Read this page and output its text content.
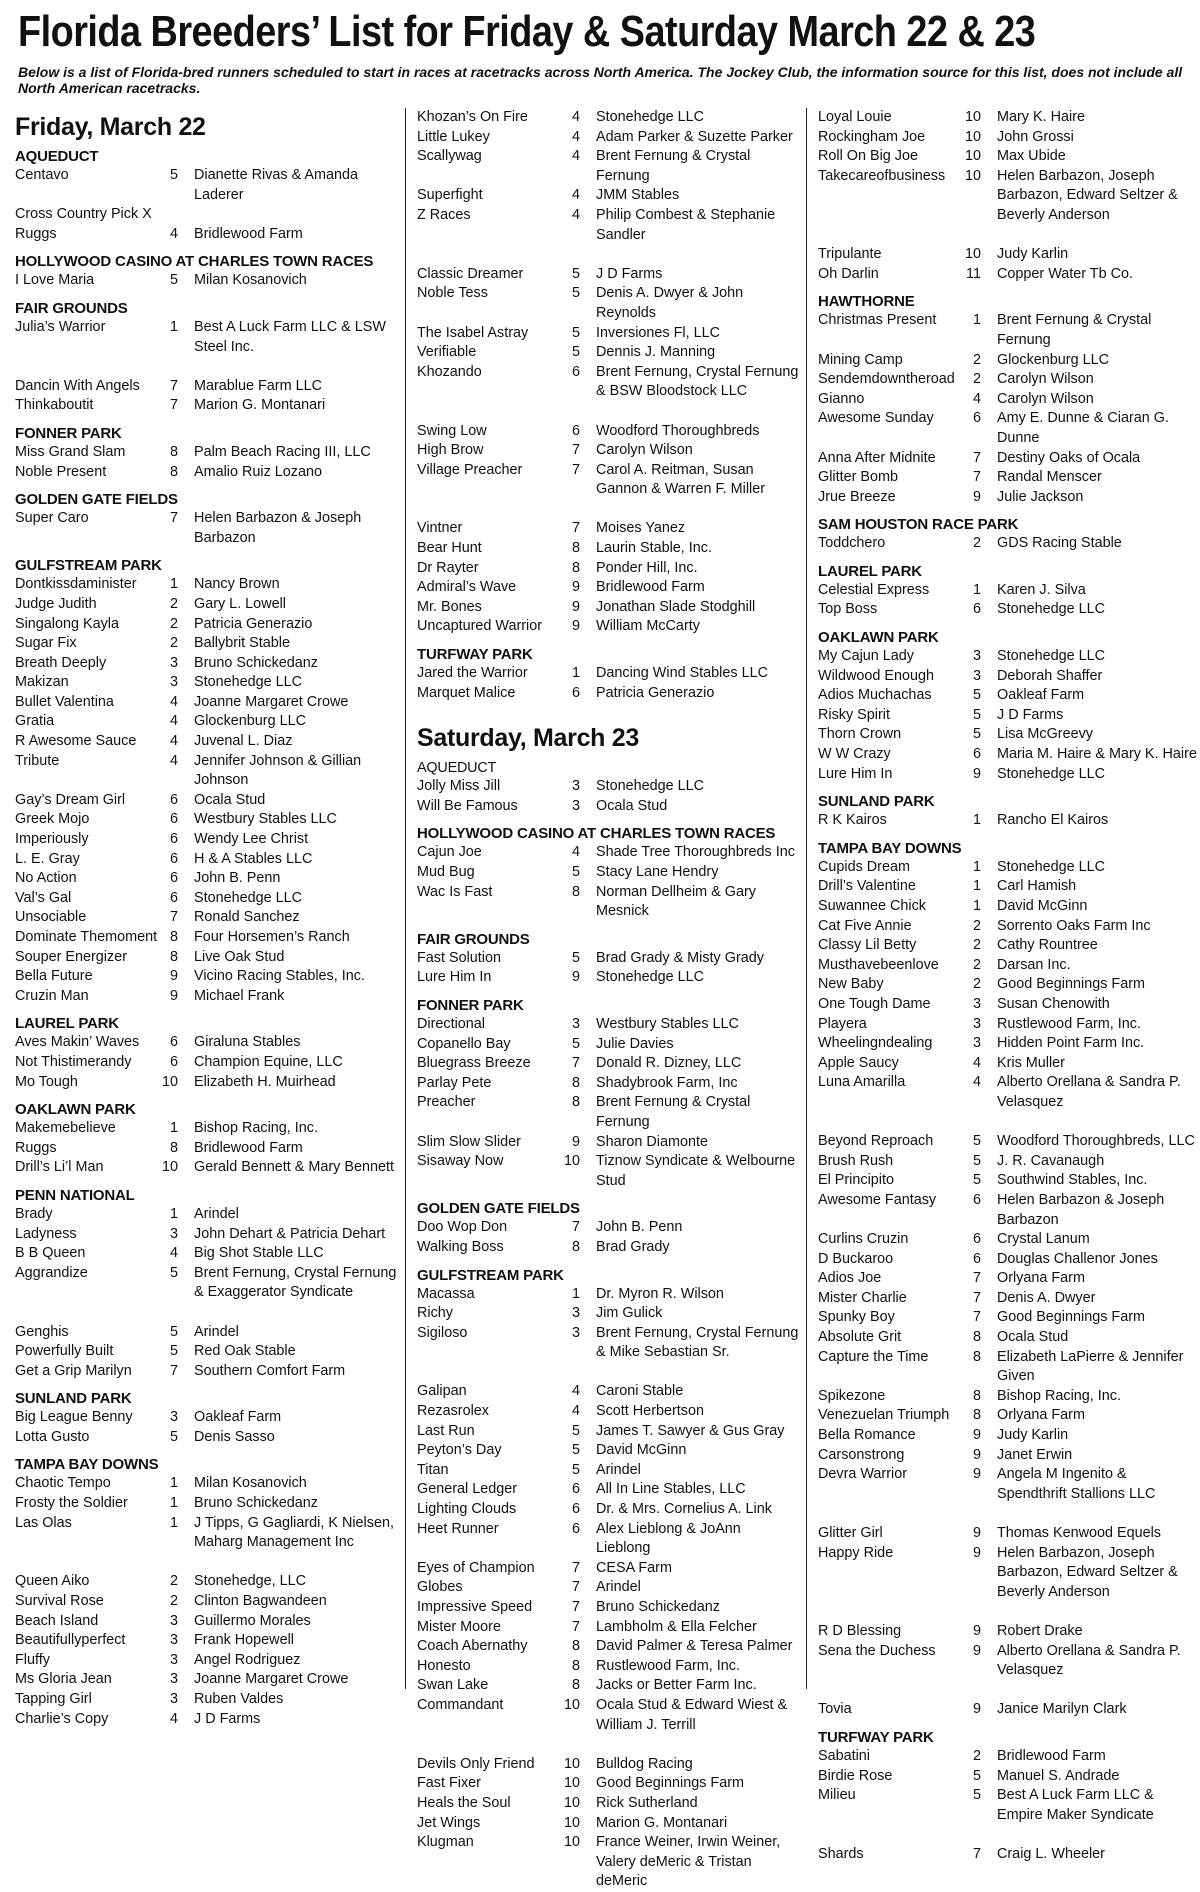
Florida Breeders’ List for Friday & Saturday March 22 & 23
Below is a list of Florida-bred runners scheduled to start in races at racetracks across North America. The Jockey Club, the information source for this list, does not include all North American racetracks.
Friday, March 22
AQUEDUCT
Centavo	5	Dianette Rivas & Amanda Laderer
Cross Country Pick X
Ruggs	4	Bridlewood Farm
HOLLYWOOD CASINO AT CHARLES TOWN RACES
I Love Maria	5	Milan Kosanovich
FAIR GROUNDS
Julia’s Warrior	1	Best A Luck Farm LLC & LSW Steel Inc.
Dancin With Angels	7	Marablue Farm LLC
Thinkaboutit	7	Marion G. Montanari
FONNER PARK
Miss Grand Slam	8	Palm Beach Racing III, LLC
Noble Present	8	Amalio Ruiz Lozano
GOLDEN GATE FIELDS
Super Caro	7	Helen Barbazon & Joseph Barbazon
GULFSTREAM PARK
Dontkissdaminister	1	Nancy Brown
Judge Judith	2	Gary L. Lowell
Singalong Kayla	2	Patricia Generazio
Sugar Fix	2	Ballybrit Stable
Breath Deeply	3	Bruno Schickedanz
Makizan	3	Stonehedge LLC
Bullet Valentina	4	Joanne Margaret Crowe
Gratia	4	Glockenburg LLC
R Awesome Sauce	4	Juvenal L. Diaz
Tribute	4	Jennifer Johnson & Gillian Johnson
Gay’s Dream Girl	6	Ocala Stud
Greek Mojo	6	Westbury Stables LLC
Imperiously	6	Wendy Lee Christ
L. E. Gray	6	H & A Stables LLC
No Action	6	John B. Penn
Val’s Gal	6	Stonehedge LLC
Unsociable	7	Ronald Sanchez
Dominate Themoment 8	Four Horsemen’s Ranch
Souper Energizer	8	Live Oak Stud
Bella Future	9	Vicino Racing Stables, Inc.
Cruzin Man	9	Michael Frank
LAUREL PARK
Aves Makin’ Waves	6	Giraluna Stables
Not Thistimerandy	6	Champion Equine, LLC
Mo Tough	10	Elizabeth H. Muirhead
OAKLAWN PARK
Makemebelieve	1	Bishop Racing, Inc.
Ruggs	8	Bridlewood Farm
Drill’s Li’l Man	10	Gerald Bennett & Mary Bennett
PENN NATIONAL
Brady	1	Arindel
Ladyness	3	John Dehart & Patricia Dehart
B B Queen	4	Big Shot Stable LLC
Aggrandize	5	Brent Fernung, Crystal Fernung & Exaggerator Syndicate
Genghis	5	Arindel
Powerfully Built	5	Red Oak Stable
Get a Grip Marilyn	7	Southern Comfort Farm
SUNLAND PARK
Big League Benny	3	Oakleaf Farm
Lotta Gusto	5	Denis Sasso
TAMPA BAY DOWNS
Chaotic Tempo	1	Milan Kosanovich
Frosty the Soldier	1	Bruno Schickedanz
Las Olas	1	J Tipps, G Gagliardi, K Nielsen, Maharg Management Inc
Queen Aiko	2	Stonehedge, LLC
Survival Rose	2	Clinton Bagwandeen
Beach Island	3	Guillermo Morales
Beautifullyperfect	3	Frank Hopewell
Fluffy	3	Angel Rodriguez
Ms Gloria Jean	3	Joanne Margaret Crowe
Tapping Girl	3	Ruben Valdes
Charlie’s Copy	4	J D Farms
Khozan’s On Fire	4	Stonehedge LLC
Little Lukey	4	Adam Parker & Suzette Parker
Scallywag	4	Brent Fernung & Crystal Fernung
Superfight	4	JMM Stables
Z Races	4	Philip Combest & Stephanie Sandler
Classic Dreamer	5	J D Farms
Noble Tess	5	Denis A. Dwyer & John Reynolds
The Isabel Astray	5	Inversiones Fl, LLC
Verifiable	5	Dennis J. Manning
Khozando	6	Brent Fernung, Crystal Fernung & BSW Bloodstock LLC
Swing Low	6	Woodford Thoroughbreds
High Brow	7	Carolyn Wilson
Village Preacher	7	Carol A. Reitman, Susan Gannon & Warren F. Miller
Vintner	7	Moises Yanez
Bear Hunt	8	Laurin Stable, Inc.
Dr Rayter	8	Ponder Hill, Inc.
Admiral’s Wave	9	Bridlewood Farm
Mr. Bones	9	Jonathan Slade Stodghill
Uncaptured Warrior	9	William McCarty
TURFWAY PARK
Jared the Warrior	1	Dancing Wind Stables LLC
Marquet Malice	6	Patricia Generazio
Saturday, March 23
AQUEDUCT
Jolly Miss Jill	3	Stonehedge LLC
Will Be Famous	3	Ocala Stud
HOLLYWOOD CASINO AT CHARLES TOWN RACES
Cajun Joe	4	Shade Tree Thoroughbreds Inc
Mud Bug	5	Stacy Lane Hendry
Wac Is Fast	8	Norman Dellheim & Gary Mesnick
FAIR GROUNDS
Fast Solution	5	Brad Grady & Misty Grady
Lure Him In	9	Stonehedge LLC
FONNER PARK
Directional	3	Westbury Stables LLC
Copanello Bay	5	Julie Davies
Bluegrass Breeze	7	Donald R. Dizney, LLC
Parlay Pete	8	Shadybrook Farm, Inc
Preacher	8	Brent Fernung & Crystal Fernung
Slim Slow Slider	9	Sharon Diamonte
Sisaway Now	10	Tiznow Syndicate & Welbourne Stud
GOLDEN GATE FIELDS
Doo Wop Don	7	John B. Penn
Walking Boss	8	Brad Grady
GULFSTREAM PARK
Macassa	1	Dr. Myron R. Wilson
Richy	3	Jim Gulick
Sigiloso	3	Brent Fernung, Crystal Fernung & Mike Sebastian Sr.
Galipan	4	Caroni Stable
Rezasrolex	4	Scott Herbertson
Last Run	5	James T. Sawyer & Gus Gray
Peyton’s Day	5	David McGinn
Titan	5	Arindel
General Ledger	6	All In Line Stables, LLC
Lighting Clouds	6	Dr. & Mrs. Cornelius A. Link
Heet Runner	6	Alex Lieblong & JoAnn Lieblong
Eyes of Champion	7	CESA Farm
Globes	7	Arindel
Impressive Speed	7	Bruno Schickedanz
Mister Moore	7	Lambholm & Ella Felcher
Coach Abernathy	8	David Palmer & Teresa Palmer
Honesto	8	Rustlewood Farm, Inc.
Swan Lake	8	Jacks or Better Farm Inc.
Commandant	10	Ocala Stud & Edward Wiest & William J. Terrill
Devils Only Friend	10	Bulldog Racing
Fast Fixer	10	Good Beginnings Farm
Heals the Soul	10	Rick Sutherland
Jet Wings	10	Marion G. Montanari
Klugman	10	France Weiner, Irwin Weiner, Valery deMeric & Tristan deMeric
Loyal Louie	10	Mary K. Haire
Rockingham Joe	10	John Grossi
Roll On Big Joe	10	Max Ubide
Takecareofbusiness	10	Helen Barbazon, Joseph Barbazon, Edward Seltzer & Beverly Anderson
Tripulante	10	Judy Karlin
Oh Darlin	11	Copper Water Tb Co.
HAWTHORNE
Christmas Present	1	Brent Fernung & Crystal Fernung
Mining Camp	2	Glockenburg LLC
Sendemdowntheroad	2	Carolyn Wilson
Gianno	4	Carolyn Wilson
Awesome Sunday	6	Amy E. Dunne & Ciaran G. Dunne
Anna After Midnite	7	Destiny Oaks of Ocala
Glitter Bomb	7	Randal Menscer
Jrue Breeze	9	Julie Jackson
SAM HOUSTON RACE PARK
Toddchero	2	GDS Racing Stable
LAUREL PARK
Celestial Express	1	Karen J. Silva
Top Boss	6	Stonehedge LLC
OAKLAWN PARK
My Cajun Lady	3	Stonehedge LLC
Wildwood Enough	3	Deborah Shaffer
Adios Muchachas	5	Oakleaf Farm
Risky Spirit	5	J D Farms
Thorn Crown	5	Lisa McGreevy
W W Crazy	6	Maria M. Haire & Mary K. Haire
Lure Him In	9	Stonehedge LLC
SUNLAND PARK
R K Kairos	1	Rancho El Kairos
TAMPA BAY DOWNS
Cupids Dream	1	Stonehedge LLC
Drill’s Valentine	1	Carl Hamish
Suwannee Chick	1	David McGinn
Cat Five Annie	2	Sorrento Oaks Farm Inc
Classy Lil Betty	2	Cathy Rountree
Musthavebeenlove	2	Darsan Inc.
New Baby	2	Good Beginnings Farm
One Tough Dame	3	Susan Chenowith
Playera	3	Rustlewood Farm, Inc.
Wheelingndealing	3	Hidden Point Farm Inc.
Apple Saucy	4	Kris Muller
Luna Amarilla	4	Alberto Orellana & Sandra P. Velasquez
Beyond Reproach	5	Woodford Thoroughbreds, LLC
Brush Rush	5	J. R. Cavanaugh
El Principito	5	Southwind Stables, Inc.
Awesome Fantasy	6	Helen Barbazon & Joseph Barbazon
Curlins Cruzin	6	Crystal Lanum
D Buckaroo	6	Douglas Challenor Jones
Adios Joe	7	Orlyana Farm
Mister Charlie	7	Denis A. Dwyer
Spunky Boy	7	Good Beginnings Farm
Absolute Grit	8	Ocala Stud
Capture the Time	8	Elizabeth LaPierre & Jennifer Given
Spikezone	8	Bishop Racing, Inc.
Venezuelan Triumph	8	Orlyana Farm
Bella Romance	9	Judy Karlin
Carsonstrong	9	Janet Erwin
Devra Warrior	9	Angela M Ingenito & Spendthrift Stallions LLC
Glitter Girl	9	Thomas Kenwood Equels
Happy Ride	9	Helen Barbazon, Joseph Barbazon, Edward Seltzer & Beverly Anderson
R D Blessing	9	Robert Drake
Sena the Duchess	9	Alberto Orellana & Sandra P. Velasquez
Tovia	9	Janice Marilyn Clark
TURFWAY PARK
Sabatini	2	Bridlewood Farm
Birdie Rose	5	Manuel S. Andrade
Milieu	5	Best A Luck Farm LLC & Empire Maker Syndicate
Shards	7	Craig L. Wheeler
